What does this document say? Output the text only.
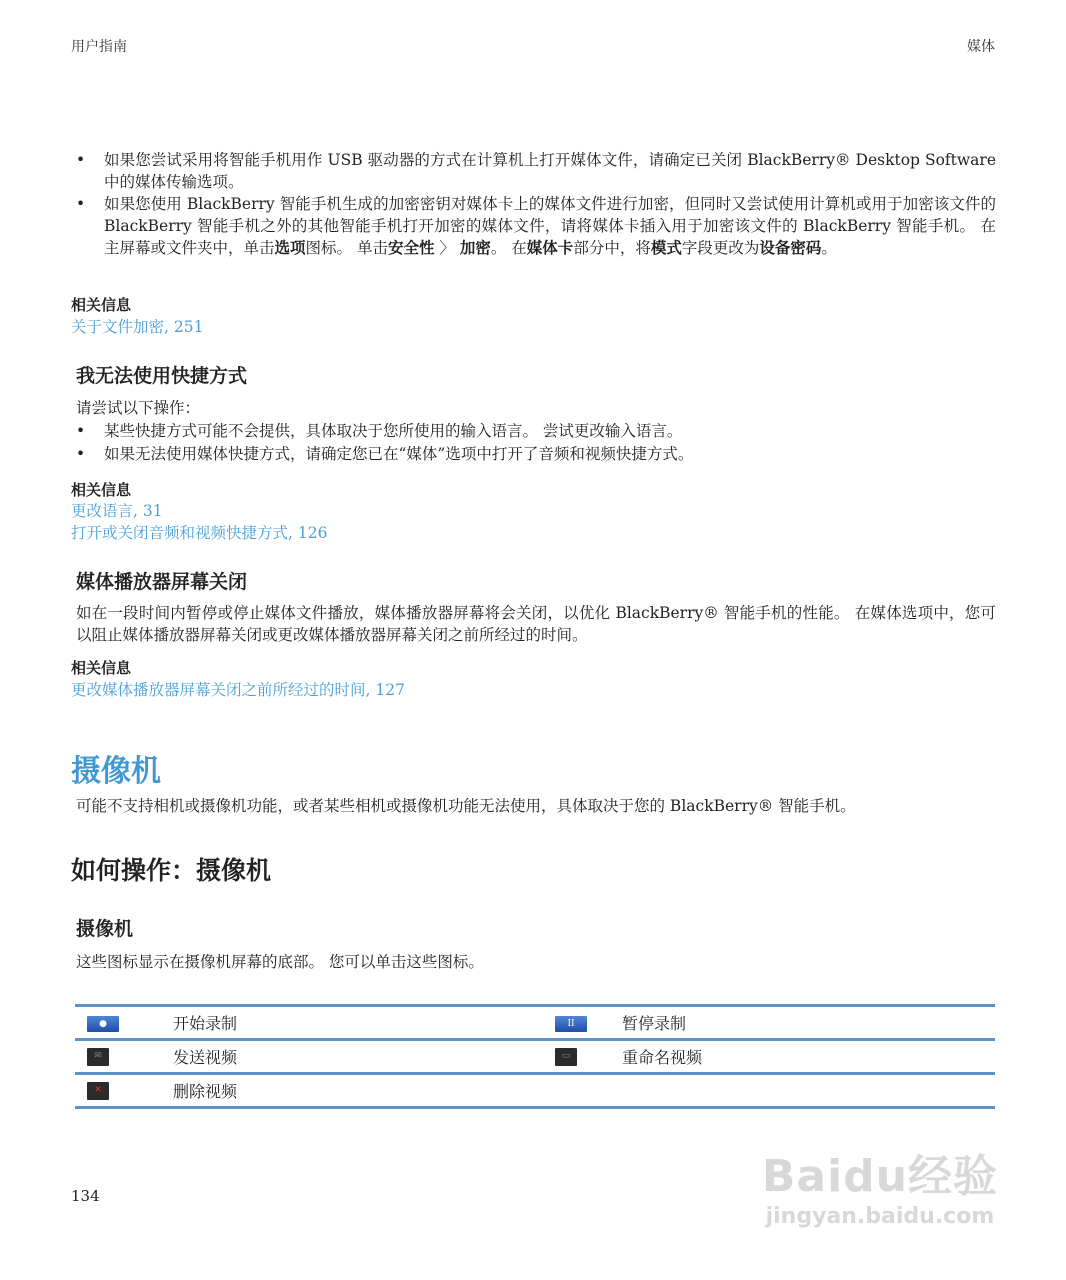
用户指南	媒体
• 如果您尝试采用将智能手机用作 USB 驱动器的方式在计算机上打开媒体文件，请确定已关闭 BlackBerry® Desktop Software 中的媒体传输选项。
• 如果您使用 BlackBerry 智能手机生成的加密密钥对媒体卡上的媒体文件进行加密，但同时又尝试使用计算机或用于加密该文件的 BlackBerry 智能手机之外的其他智能手机打开加密的媒体文件，请将媒体卡插入用于加密该文件的 BlackBerry 智能手机。 在主屏幕或文件夹中，单击选项图标。 单击安全性 〉 加密。 在媒体卡部分中，将模式字段更改为设备密码。
相关信息
关于文件加密, 251
我无法使用快捷方式
请尝试以下操作：
• 某些快捷方式可能不会提供，具体取决于您所使用的输入语言。 尝试更改输入语言。
• 如果无法使用媒体快捷方式，请确定您已在“媒体”选项中打开了音频和视频快捷方式。
相关信息
更改语言, 31
打开或关闭音频和视频快捷方式, 126
媒体播放器屏幕关闭
如在一段时间内暂停或停止媒体文件播放，媒体播放器屏幕将会关闭，以优化 BlackBerry® 智能手机的性能。 在媒体选项中，您可以阻止媒体播放器屏幕关闭或更改媒体播放器屏幕关闭之前所经过的时间。
相关信息
更改媒体播放器屏幕关闭之前所经过的时间, 127
摄像机
可能不支持相机或摄像机功能，或者某些相机或摄像机功能无法使用，具体取决于您的 BlackBerry® 智能手机。
如何操作：摄像机
摄像机
这些图标显示在摄像机屏幕的底部。 您可以单击这些图标。
●	开始录制	II	暂停录制
✉	发送视频	▭	重命名视频
✕	删除视频		
134	Baidu经验
jingyan.baidu.com
